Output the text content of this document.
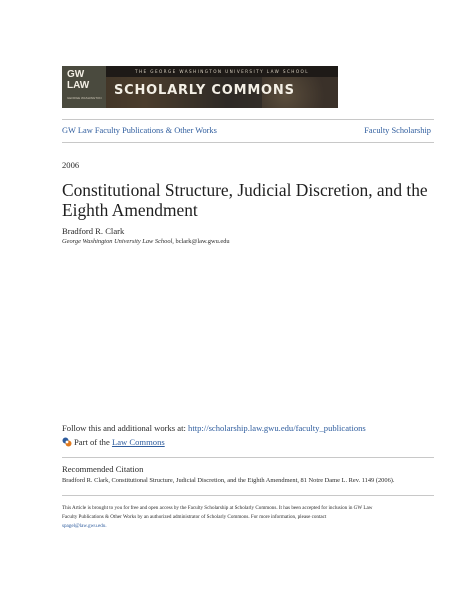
GW
LAW
GEORGE WASHINGTON
THE GEORGE WASHINGTON UNIVERSITY LAW SCHOOL
SCHOLARLY COMMONS
GW Law Faculty Publications & Other Works	Faculty Scholarship
2006
Constitutional Structure, Judicial Discretion, and the Eighth Amendment
Bradford R. Clark
George Washington University Law School, bclark@law.gwu.edu
Follow this and additional works at: http://scholarship.law.gwu.edu/faculty_publications
Part of the Law Commons
Recommended Citation
Bradford R. Clark, Constitutional Structure, Judicial Discretion, and the Eighth Amendment, 81 Notre Dame L. Rev. 1149 (2006).
This Article is brought to you for free and open access by the Faculty Scholarship at Scholarly Commons. It has been accepted for inclusion in GW Law
Faculty Publications & Other Works by an authorized administrator of Scholarly Commons. For more information, please contact
spagel@law.gwu.edu.
